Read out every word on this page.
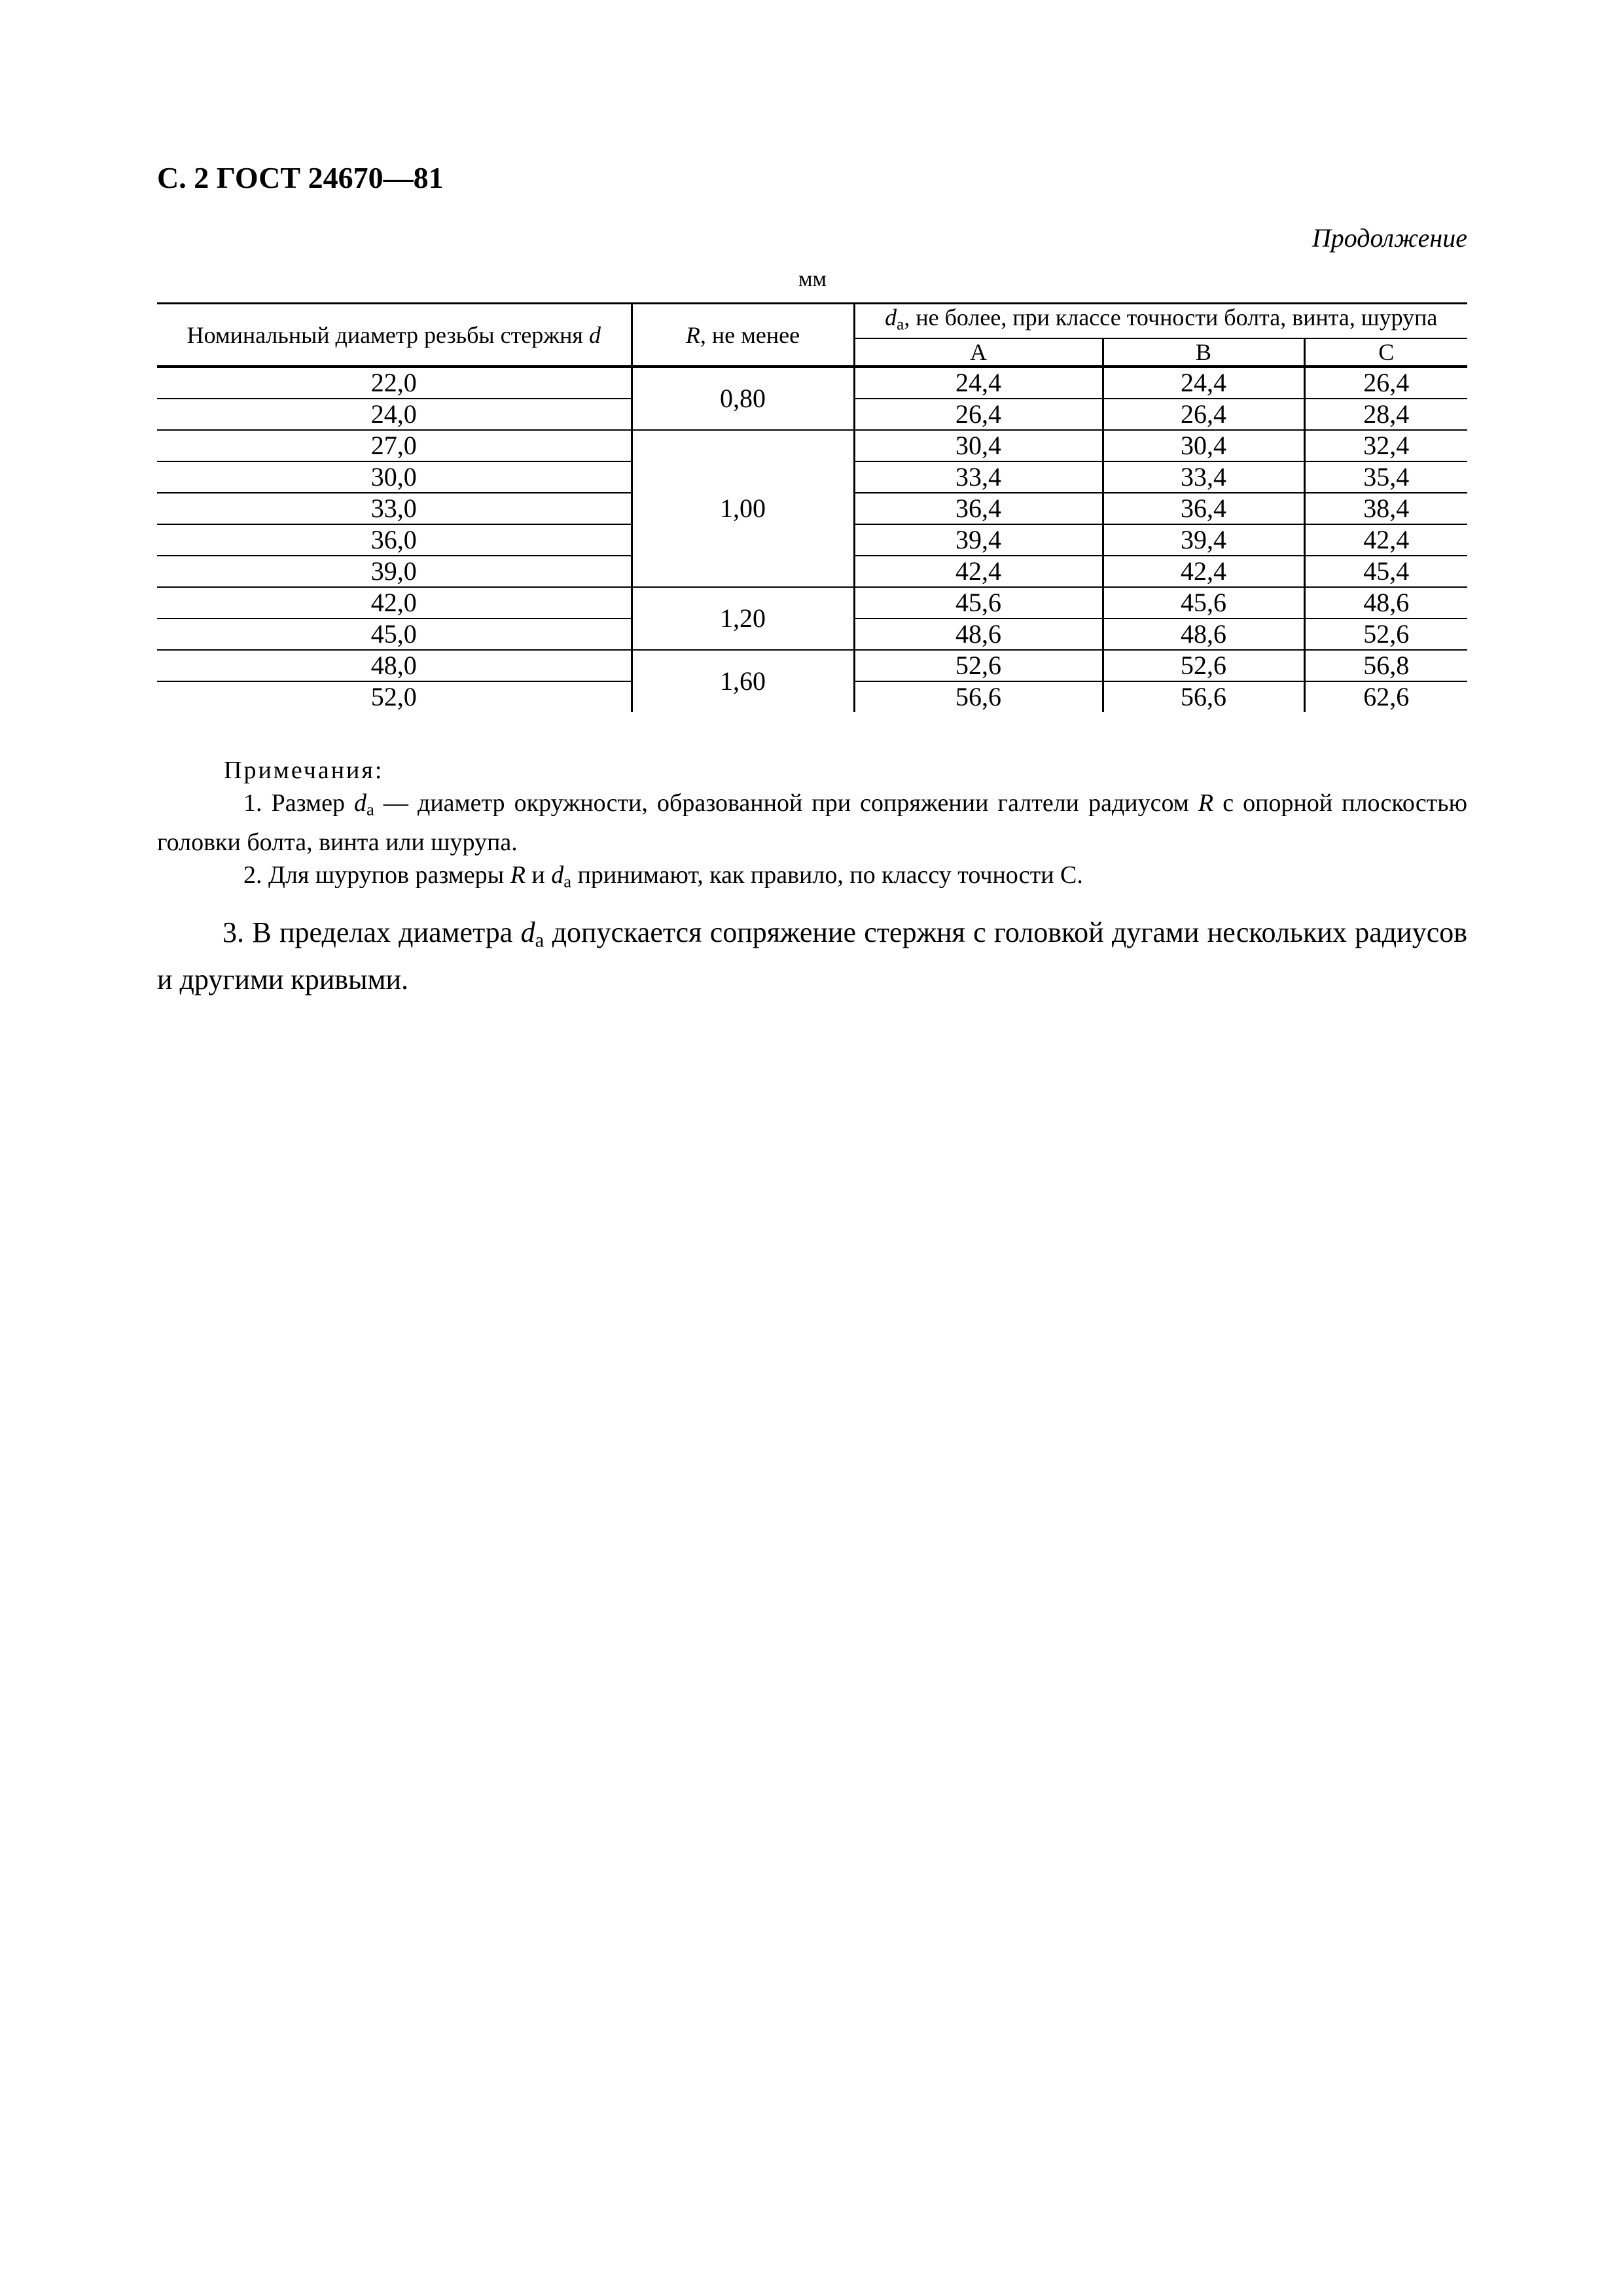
С. 2 ГОСТ 24670—81
Продолжение
мм
Номинальный диаметр резьбы стержня d	R, не менее	$d_a$, не более, при классе точности болта, винта, шурупа		
		A	B	C
22,0	0,80	24,4	24,4	26,4
24,0		26,4	26,4	28,4
27,0	1,00	30,4	30,4	32,4
30,0		33,4	33,4	35,4
33,0		36,4	36,4	38,4
36,0		39,4	39,4	42,4
39,0		42,4	42,4	45,4
42,0	1,20	45,6	45,6	48,6
45,0		48,6	48,6	52,6
48,0	1,60	52,6	52,6	56,8
52,0		56,6	56,6	62,6
Примечания:
1. Размер $d_a$ — диаметр окружности, образованной при сопряжении галтели радиусом R с опорной плоскостью головки болта, винта или шурупа.
2. Для шурупов размеры R и $d_a$ принимают, как правило, по классу точности С.
3. В пределах диаметра $d_a$ допускается сопряжение стержня с головкой дугами нескольких радиусов и другими кривыми.
